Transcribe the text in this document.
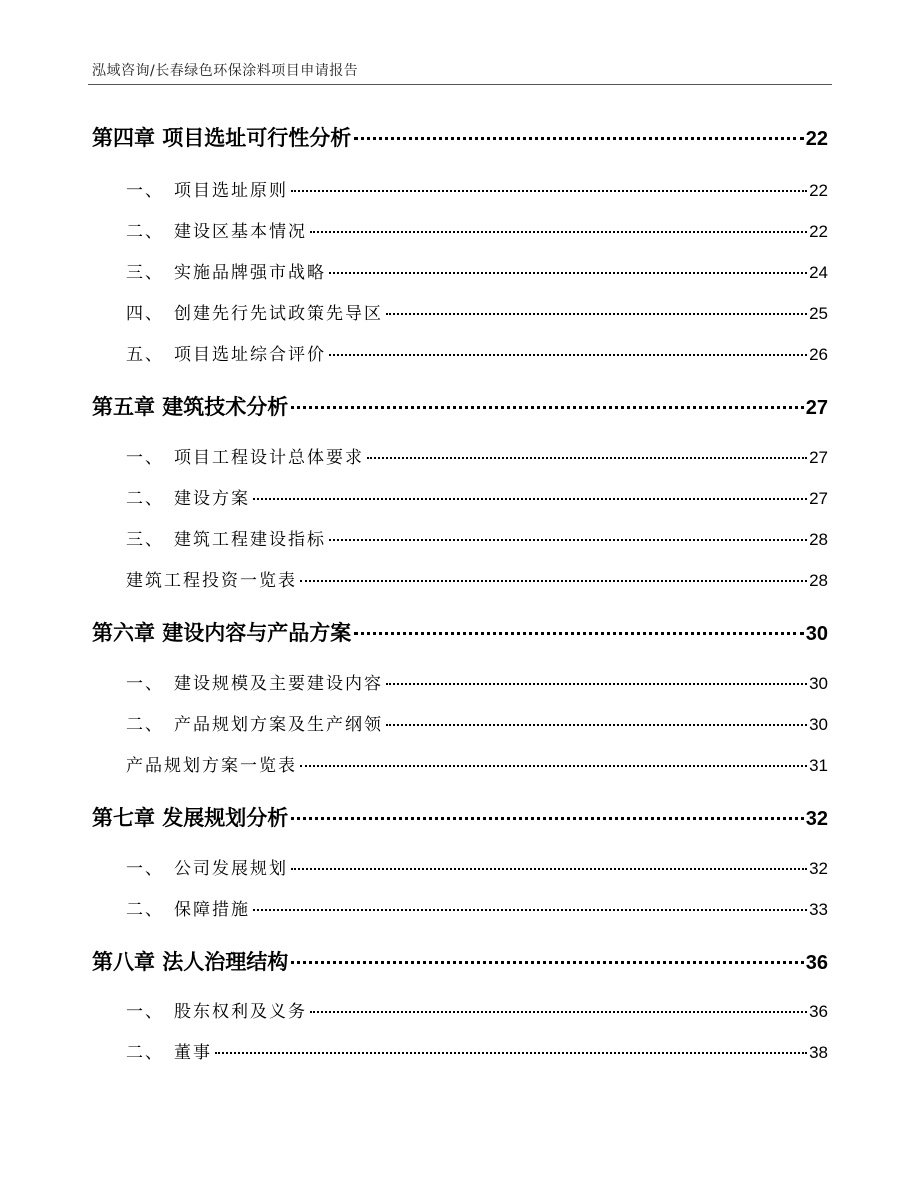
泓域咨询/长春绿色环保涂料项目申请报告
第四章 项目选址可行性分析	22
一、 项目选址原则	22
二、 建设区基本情况	22
三、 实施品牌强市战略	24
四、 创建先行先试政策先导区	25
五、 项目选址综合评价	26
第五章 建筑技术分析	27
一、 项目工程设计总体要求	27
二、 建设方案	27
三、 建筑工程建设指标	28
建筑工程投资一览表	28
第六章 建设内容与产品方案	30
一、 建设规模及主要建设内容	30
二、 产品规划方案及生产纲领	30
产品规划方案一览表	31
第七章 发展规划分析	32
一、 公司发展规划	32
二、 保障措施	33
第八章 法人治理结构	36
一、 股东权利及义务	36
二、 董事	38
